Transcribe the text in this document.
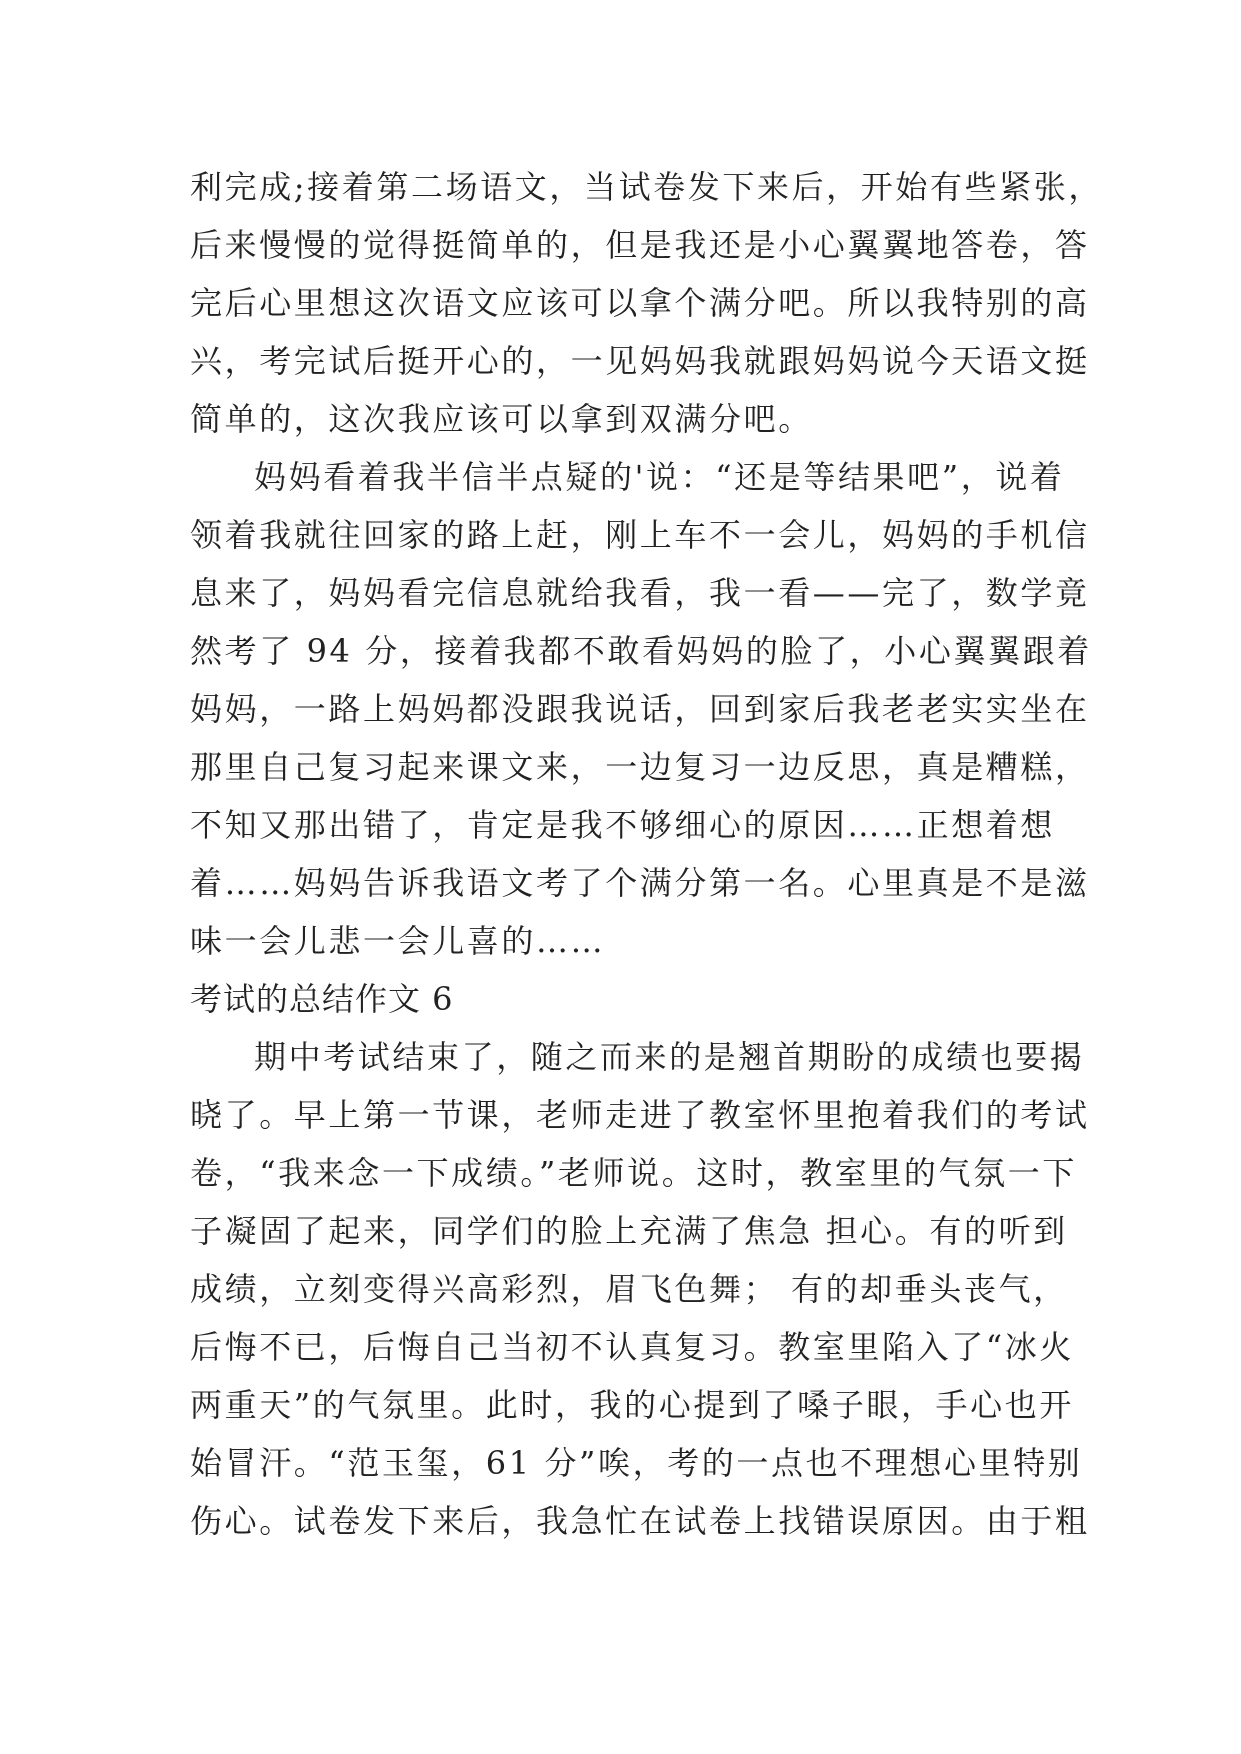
利完成;接着第二场语文，当试卷发下来后，开始有些紧张，

后来慢慢的觉得挺简单的，但是我还是小心翼翼地答卷，答

完后心里想这次语文应该可以拿个满分吧。所以我特别的高

兴，考完试后挺开心的，一见妈妈我就跟妈妈说今天语文挺

简单的，这次我应该可以拿到双满分吧。

妈妈看着我半信半点疑的'说：“还是等结果吧”，说着

领着我就往回家的路上赶，刚上车不一会儿，妈妈的手机信

息来了，妈妈看完信息就给我看，我一看——完了，数学竟

然考了 94 分，接着我都不敢看妈妈的脸了，小心翼翼跟着

妈妈，一路上妈妈都没跟我说话，回到家后我老老实实坐在

那里自己复习起来课文来，一边复习一边反思，真是糟糕，

不知又那出错了，肯定是我不够细心的原因……正想着想

着……妈妈告诉我语文考了个满分第一名。心里真是不是滋

味一会儿悲一会儿喜的……

考试的总结作文 6

期中考试结束了，随之而来的是翘首期盼的成绩也要揭

晓了。早上第一节课，老师走进了教室怀里抱着我们的考试

卷，“我来念一下成绩。”老师说。这时，教室里的气氛一下

子凝固了起来，同学们的脸上充满了焦急 担心。有的听到

成绩，立刻变得兴高彩烈，眉飞色舞； 有的却垂头丧气，

后悔不已，后悔自己当初不认真复习。教室里陷入了“冰火

两重天”的气氛里。此时，我的心提到了嗓子眼，手心也开

始冒汗。“范玉玺，61 分”唉，考的一点也不理想心里特别

伤心。试卷发下来后，我急忙在试卷上找错误原因。由于粗
